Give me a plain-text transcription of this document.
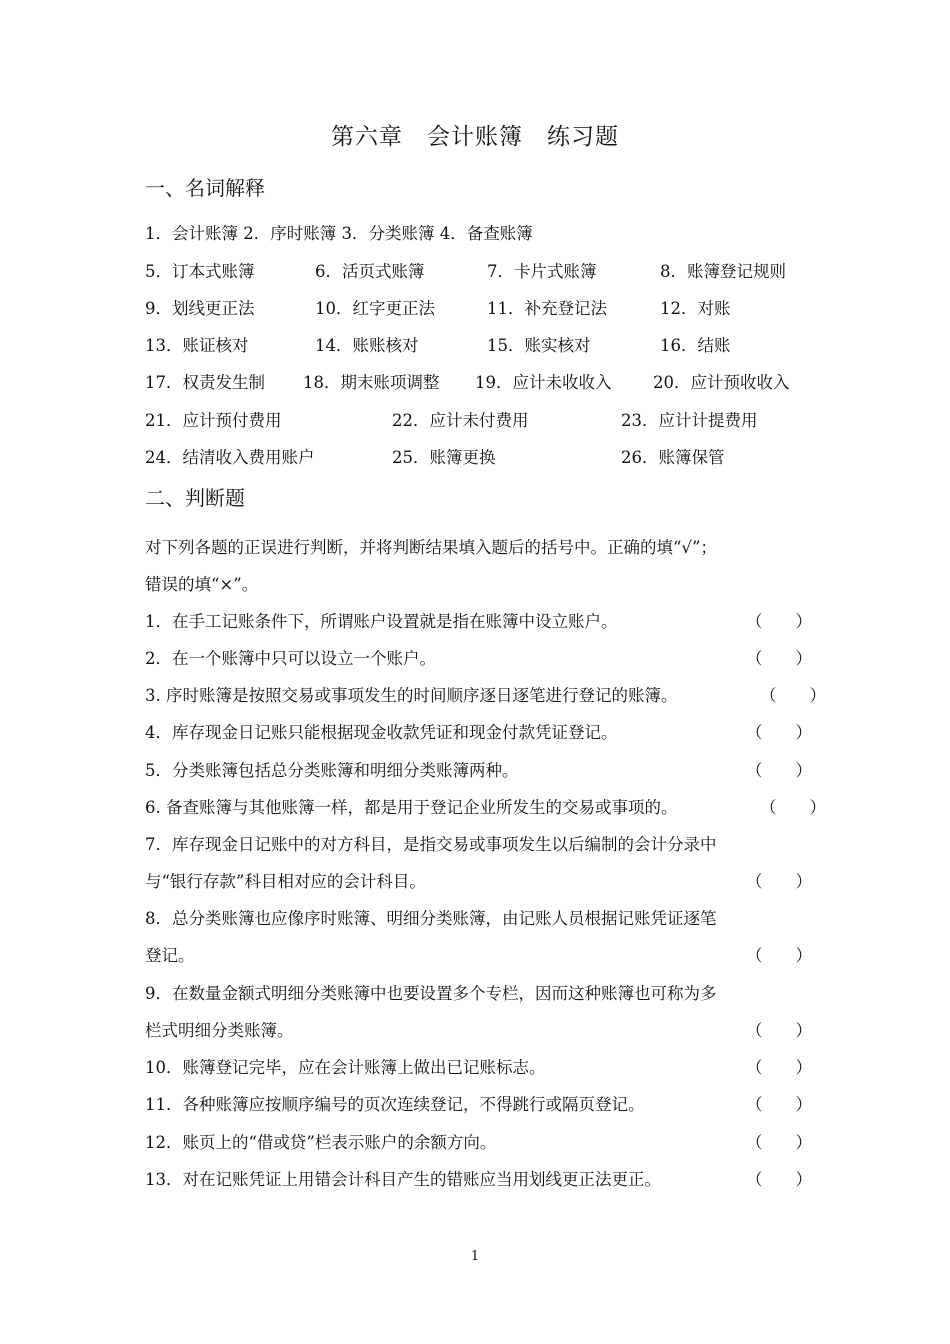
第六章　会计账簿　练习题
一、名词解释
1．会计账簿 2．序时账簿 3．分类账簿 4．备查账簿
5．订本式账簿	6．活页式账簿	7．卡片式账簿	8．账簿登记规则
9．划线更正法	10．红字更正法	11．补充登记法	12．对账
13．账证核对	14．账账核对	15．账实核对	16．结账
17．权责发生制 18．期末账项调整 19．应计未收收入	20．应计预收收入
21．应计预付费用	22．应计未付费用	23．应计计提费用
24．结清收入费用账户	25．账簿更换	26．账簿保管
二、判断题
对下列各题的正误进行判断，并将判断结果填入题后的括号中。正确的填“√”；
错误的填“×”。
1．在手工记账条件下，所谓账户设置就是指在账簿中设立账户。	（　　）
2．在一个账簿中只可以设立一个账户。	（　　）
3. 序时账簿是按照交易或事项发生的时间顺序逐日逐笔进行登记的账簿。	（　　）
4．库存现金日记账只能根据现金收款凭证和现金付款凭证登记。	（　　）
5．分类账簿包括总分类账簿和明细分类账簿两种。	（　　）
6. 备查账簿与其他账簿一样，都是用于登记企业所发生的交易或事项的。	（　　）
7．库存现金日记账中的对方科目，是指交易或事项发生以后编制的会计分录中
与“银行存款”科目相对应的会计科目。	（　　）
8．总分类账簿也应像序时账簿、明细分类账簿，由记账人员根据记账凭证逐笔
登记。	（　　）
9．在数量金额式明细分类账簿中也要设置多个专栏，因而这种账簿也可称为多
栏式明细分类账簿。	（　　）
10．账簿登记完毕，应在会计账簿上做出已记账标志。	（　　）
11．各种账簿应按顺序编号的页次连续登记，不得跳行或隔页登记。	（　　）
12．账页上的“借或贷”栏表示账户的余额方向。	（　　）
13．对在记账凭证上用错会计科目产生的错账应当用划线更正法更正。	（　　）
1
